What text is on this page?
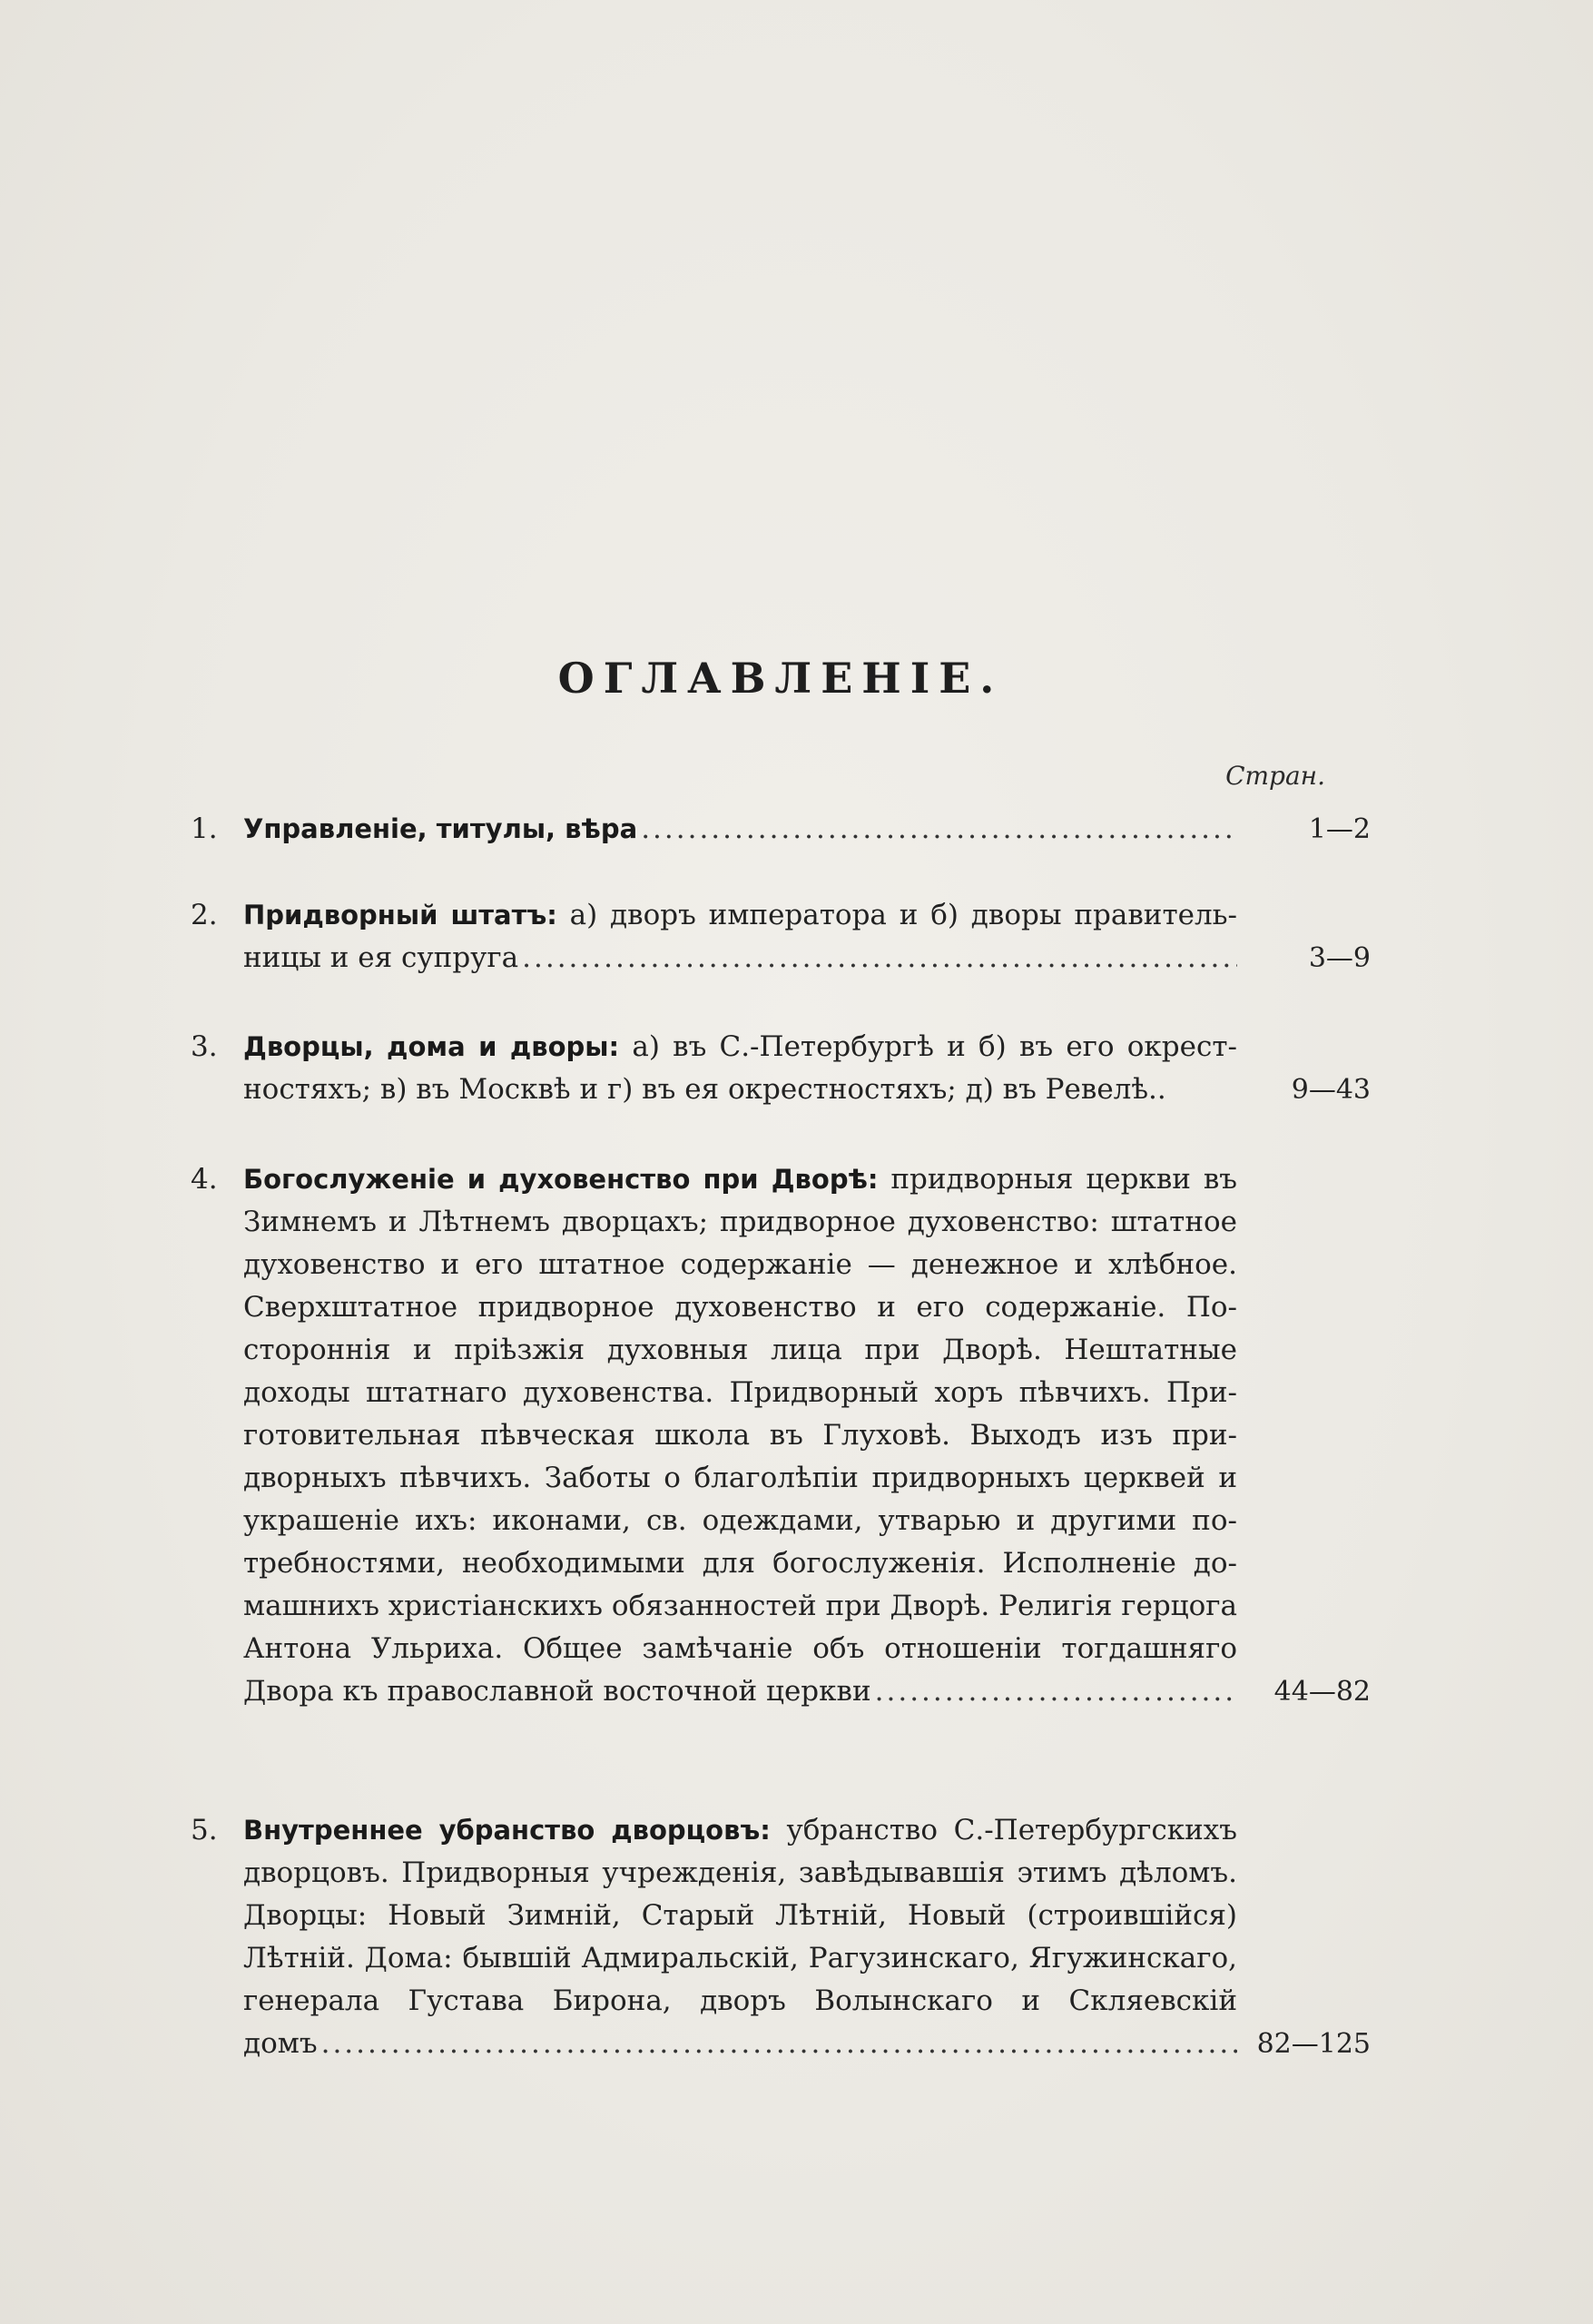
ОГЛАВЛЕНІЕ.
Стран.
1. Управленіе, титулы, вѣра .....	1—2
2. Придворный штатъ: а) дворъ императора и б) дворы правитель-
ницы и ея супруга .....	3—9
3. Дворцы, дома и дворы: а) въ С.-Петербургѣ и б) въ его окрест-
ностяхъ; в) въ Москвѣ и г) въ ея окрестностяхъ; д) въ Ревелѣ..	9—43
4. Богослуженіе и духовенство при Дворѣ: придворныя церкви въ
Зимнемъ и Лѣтнемъ дворцахъ; придворное духовенство: штатное
духовенство и его штатное содержаніе — денежное и хлѣбное.
Сверхштатное придворное духовенство и его содержаніе. По-
стороннія и пріѣзжія духовныя лица при Дворѣ. Нештатные
доходы штатнаго духовенства. Придворный хоръ пѣвчихъ. При-
готовительная пѣвческая школа въ Глуховѣ. Выходъ изъ при-
дворныхъ пѣвчихъ. Заботы о благолѣпіи придворныхъ церквей и
украшеніе ихъ: иконами, св. одеждами, утварью и другими по-
требностями, необходимыми для богослуженія. Исполненіе до-
машнихъ христіанскихъ обязанностей при Дворѣ. Религія герцога
Антона Ульриха. Общее замѣчаніе объ отношеніи тогдашняго
Двора къ православной восточной церкви .....	44—82
5. Внутреннее убранство дворцовъ: убранство С.-Петербургскихъ
дворцовъ. Придворныя учрежденія, завѣдывавшія этимъ дѣломъ.
Дворцы: Новый Зимній, Старый Лѣтній, Новый (строившійся)
Лѣтній. Дома: бывшій Адмиральскій, Рагузинскаго, Ягужинскаго,
генерала Густава Бирона, дворъ Волынскаго и Скляевскій
домъ .....	82—125
